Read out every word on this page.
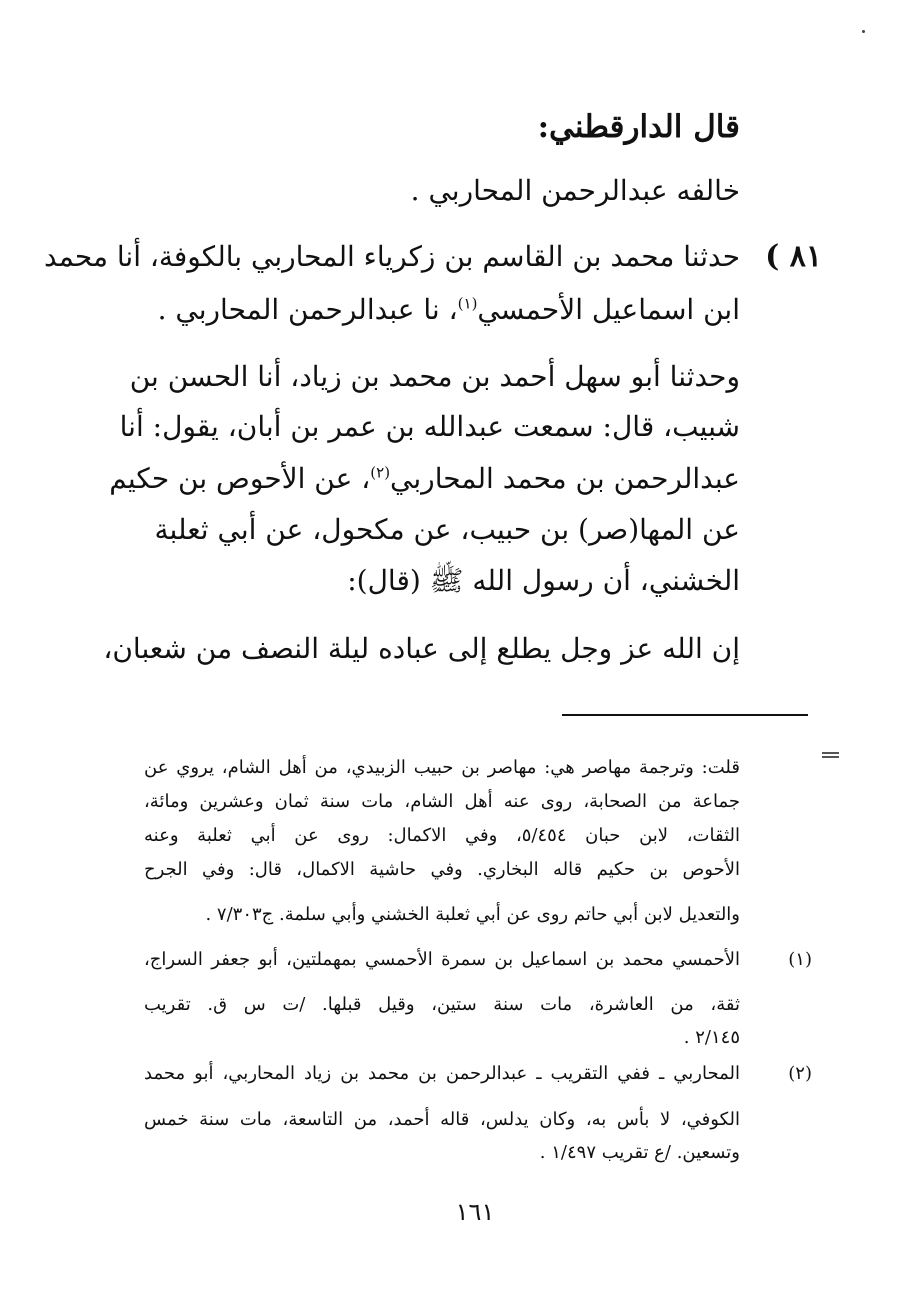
قال الدارقطني:

خالفه عبدالرحمن المحاربي .

٨١ )

حدثنا محمد بن القاسم بن زكرياء المحاربي بالكوفة، أنا محمد

ابن اسماعيل الأحمسي$^{(١)}$، نا عبدالرحمن المحاربي .

وحدثنا أبو سهل أحمد بن محمد بن زياد، أنا الحسن بن

شبيب، قال: سمعت عبدالله بن عمر بن أبان، يقول: أنا

عبدالرحمن بن محمد المحاربي$^{(٢)}$، عن الأحوص بن حكيم

عن المها(صر) بن حبيب، عن مكحول، عن أبي ثعلبة

الخشني، أن رسول الله ﷺ (قال):

إن الله عز وجل يطلع إلى عباده ليلة النصف من شعبان،

قلت: وترجمة مهاصر هي: مهاصر بن حبيب الزبيدي، من أهل الشام، يروي عن

جماعة من الصحابة، روى عنه أهل الشام، مات سنة ثمان وعشرين ومائة،

الثقات، لابن حبان ٥/٤٥٤، وفي الاكمال: روى عن أبي ثعلبة وعنه

الأحوص بن حكيم قاله البخاري. وفي حاشية الاكمال، قال: وفي الجرح

والتعديل لابن أبي حاتم روى عن أبي ثعلبة الخشني وأبي سلمة. ج٧/٣٠٣ .

(١)

الأحمسي محمد بن اسماعيل بن سمرة الأحمسي بمهملتين، أبو جعفر السراج،

ثقة، من العاشرة، مات سنة ستين، وقيل قبلها. /ت س ق. تقريب

٢/١٤٥ .

(٢)

المحاربي ـ ففي التقريب ـ عبدالرحمن بن محمد بن زياد المحاربي، أبو محمد

الكوفي، لا بأس به، وكان يدلس، قاله أحمد، من التاسعة، مات سنة خمس

وتسعين. /ع تقريب ١/٤٩٧ .

١٦١
